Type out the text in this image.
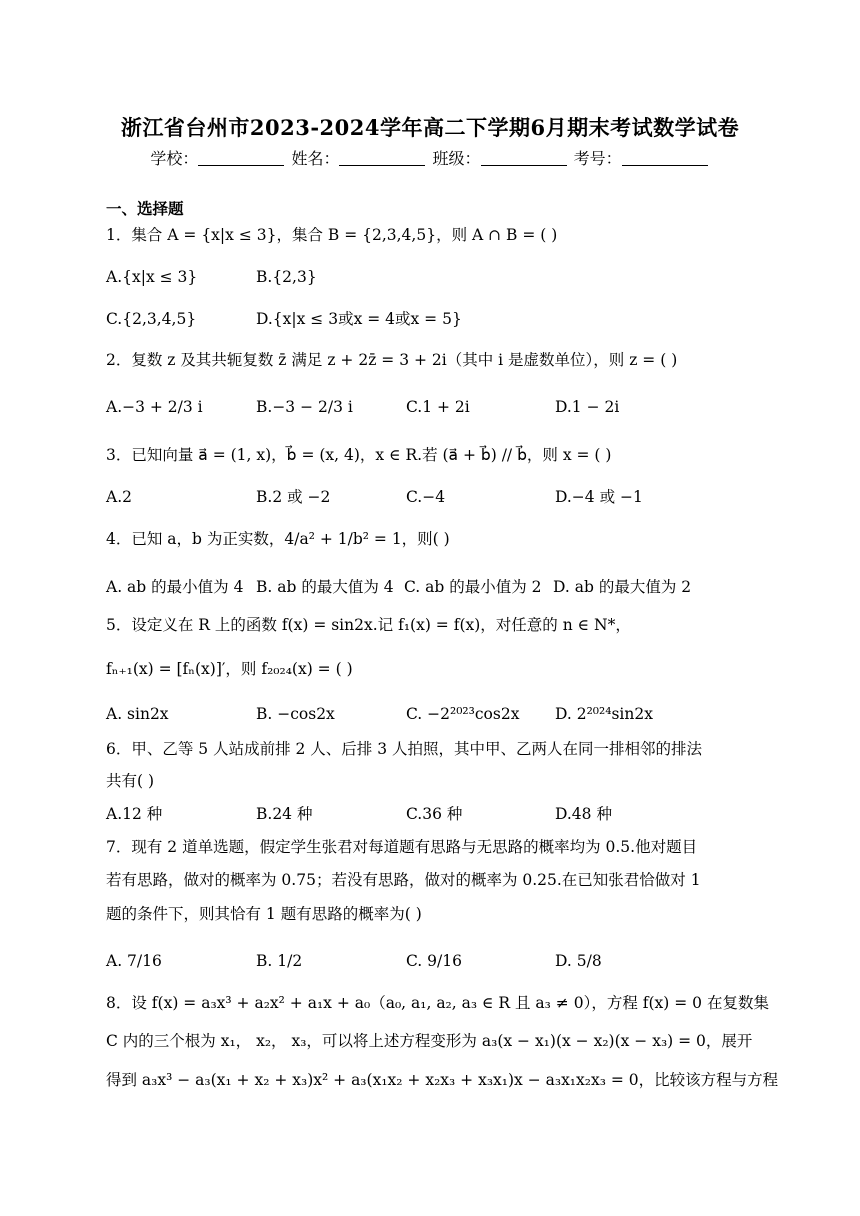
浙江省台州市2023-2024学年高二下学期6月期末考试数学试卷
学校：	姓名：	班级：	考号：
一、选择题
1．集合 A = {x|x ≤ 3}，集合 B = {2,3,4,5}，则 A ∩ B = ( )
A.{x|x ≤ 3}	B.{2,3}
C.{2,3,4,5}	D.{x|x ≤ 3或x = 4或x = 5}
2．复数 z 及其共轭复数 z̄ 满足 z + 2z̄ = 3 + 2i（其中 i 是虚数单位），则 z = ( )
A.−3 + 2/3 i	B.−3 − 2/3 i	C.1 + 2i	D.1 − 2i
3．已知向量 a⃗ = (1, x)，b⃗ = (x, 4)，x ∈ R.若 (a⃗ + b⃗) // b⃗，则 x = ( )
A.2	B.2 或 −2	C.−4	D.−4 或 −1
4．已知 a，b 为正实数，4/a² + 1/b² = 1，则( )
A. ab 的最小值为 4 B. ab 的最大值为 4 C. ab 的最小值为 2 D. ab 的最大值为 2
5．设定义在 R 上的函数 f(x) = sin2x.记 f₁(x) = f(x)，对任意的 n ∈ N*，
fₙ₊₁(x) = [fₙ(x)]′，则 f₂₀₂₄(x) = ( )
A. sin2x	B. −cos2x	C. −2²⁰²³cos2x D. 2²⁰²⁴sin2x
6．甲、乙等 5 人站成前排 2 人、后排 3 人拍照，其中甲、乙两人在同一排相邻的排法
共有( )
A.12 种	B.24 种	C.36 种	D.48 种
7．现有 2 道单选题，假定学生张君对每道题有思路与无思路的概率均为 0.5.他对题目
若有思路，做对的概率为 0.75；若没有思路，做对的概率为 0.25.在已知张君恰做对 1
题的条件下，则其恰有 1 题有思路的概率为( )
A. 7/16	B. 1/2	C. 9/16	D. 5/8
8．设 f(x) = a₃x³ + a₂x² + a₁x + a₀（a₀, a₁, a₂, a₃ ∈ R 且 a₃ ≠ 0），方程 f(x) = 0 在复数集
C 内的三个根为 x₁， x₂， x₃，可以将上述方程变形为 a₃(x − x₁)(x − x₂)(x − x₃) = 0，展开
得到 a₃x³ − a₃(x₁ + x₂ + x₃)x² + a₃(x₁x₂ + x₂x₃ + x₃x₁)x − a₃x₁x₂x₃ = 0，比较该方程与方程
